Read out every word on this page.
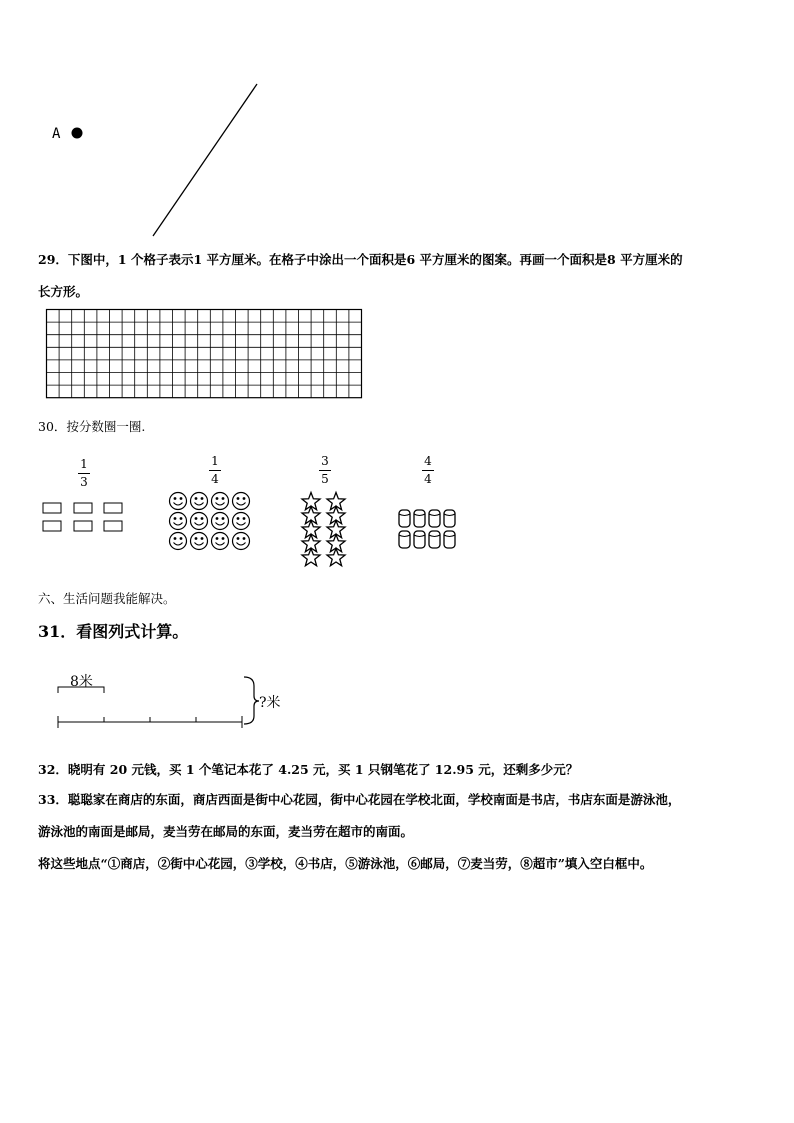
A
29．下图中，1 个格子表示1 平方厘米。在格子中涂出一个面积是6 平方厘米的图案。再画一个面积是8 平方厘米的
长方形。
30．按分数圈一圈.
1
3
1
4
3
5
4
4
六、生活问题我能解决。
31．看图列式计算。
8米
?米
32．晓明有 20 元钱，买 1 个笔记本花了 4.25 元，买 1 只钢笔花了 12.95 元，还剩多少元？
33．聪聪家在商店的东面，商店西面是街中心花园，街中心花园在学校北面，学校南面是书店，书店东面是游泳池，
游泳池的南面是邮局，麦当劳在邮局的东面，麦当劳在超市的南面。
将这些地点“①商店，②街中心花园，③学校，④书店，⑤游泳池，⑥邮局，⑦麦当劳，⑧超市”填入空白框中。
